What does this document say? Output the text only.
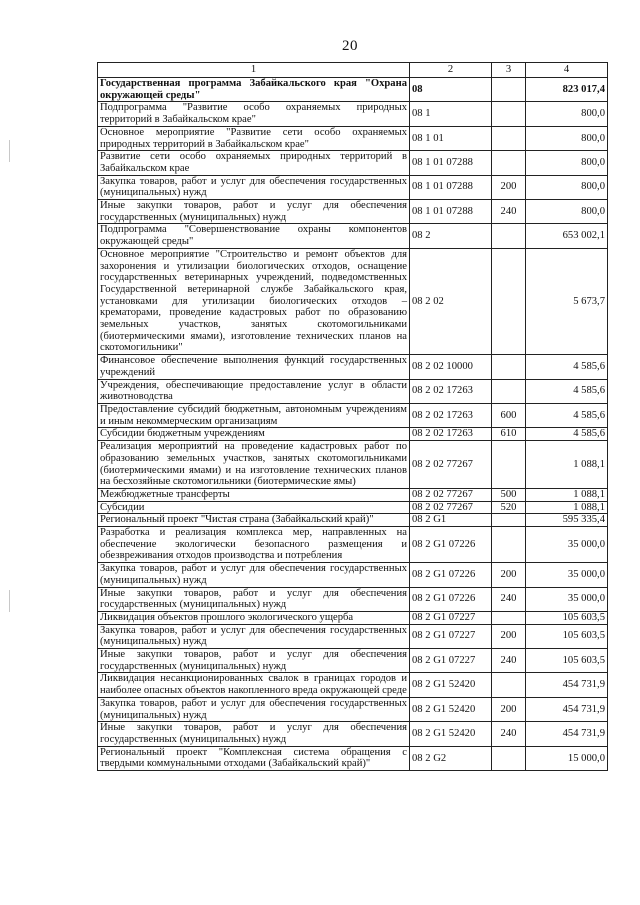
20
1	2	3	4
Государственная программа Забайкальского края "Охрана окружающей среды"	08		823 017,4
Подпрограмма "Развитие особо охраняемых природных территорий в Забайкальском крае"	08 1		800,0
Основное мероприятие "Развитие сети особо охраняемых природных территорий в Забайкальском крае"	08 1 01		800,0
Развитие сети особо охраняемых природных территорий в Забайкальском крае	08 1 01 07288		800,0
Закупка товаров, работ и услуг для обеспечения государственных (муниципальных) нужд	08 1 01 07288	200	800,0
Иные закупки товаров, работ и услуг для обеспечения государственных (муниципальных) нужд	08 1 01 07288	240	800,0
Подпрограмма "Совершенствование охраны компонентов окружающей среды"	08 2		653 002,1
Основное мероприятие "Строительство и ремонт объектов для захоронения и утилизации биологических отходов, оснащение государственных ветеринарных учреждений, подведомственных Государственной ветеринарной службе Забайкальского края, установками для утилизации биологических отходов – крематорами, проведение кадастровых работ по образованию земельных участков, занятых скотомогильниками (биотермическими ямами), изготовление технических планов на скотомогильники"	08 2 02		5 673,7
Финансовое обеспечение выполнения функций государственных учреждений	08 2 02 10000		4 585,6
Учреждения, обеспечивающие предоставление услуг в области животноводства	08 2 02 17263		4 585,6
Предоставление субсидий бюджетным, автономным учреждениям и иным некоммерческим организациям	08 2 02 17263	600	4 585,6
Субсидии бюджетным учреждениям	08 2 02 17263	610	4 585,6
Реализация мероприятий на проведение кадастровых работ по образованию земельных участков, занятых скотомогильниками (биотермическими ямами) и на изготовление технических планов на бесхозяйные скотомогильники (биотермические ямы)	08 2 02 77267		1 088,1
Межбюджетные трансферты	08 2 02 77267	500	1 088,1
Субсидии	08 2 02 77267	520	1 088,1
Региональный проект "Чистая страна (Забайкальский край)"	08 2 G1		595 335,4
Разработка и реализация комплекса мер, направленных на обеспечение экологически безопасного размещения и обезвреживания отходов производства и потребления	08 2 G1 07226		35 000,0
Закупка товаров, работ и услуг для обеспечения государственных (муниципальных) нужд	08 2 G1 07226	200	35 000,0
Иные закупки товаров, работ и услуг для обеспечения государственных (муниципальных) нужд	08 2 G1 07226	240	35 000,0
Ликвидация объектов прошлого экологического ущерба	08 2 G1 07227		105 603,5
Закупка товаров, работ и услуг для обеспечения государственных (муниципальных) нужд	08 2 G1 07227	200	105 603,5
Иные закупки товаров, работ и услуг для обеспечения государственных (муниципальных) нужд	08 2 G1 07227	240	105 603,5
Ликвидация несанкционированных свалок в границах городов и наиболее опасных объектов накопленного вреда окружающей среде	08 2 G1 52420		454 731,9
Закупка товаров, работ и услуг для обеспечения государственных (муниципальных) нужд	08 2 G1 52420	200	454 731,9
Иные закупки товаров, работ и услуг для обеспечения государственных (муниципальных) нужд	08 2 G1 52420	240	454 731,9
Региональный проект "Комплексная система обращения с твердыми коммунальными отходами (Забайкальский край)"	08 2 G2		15 000,0
